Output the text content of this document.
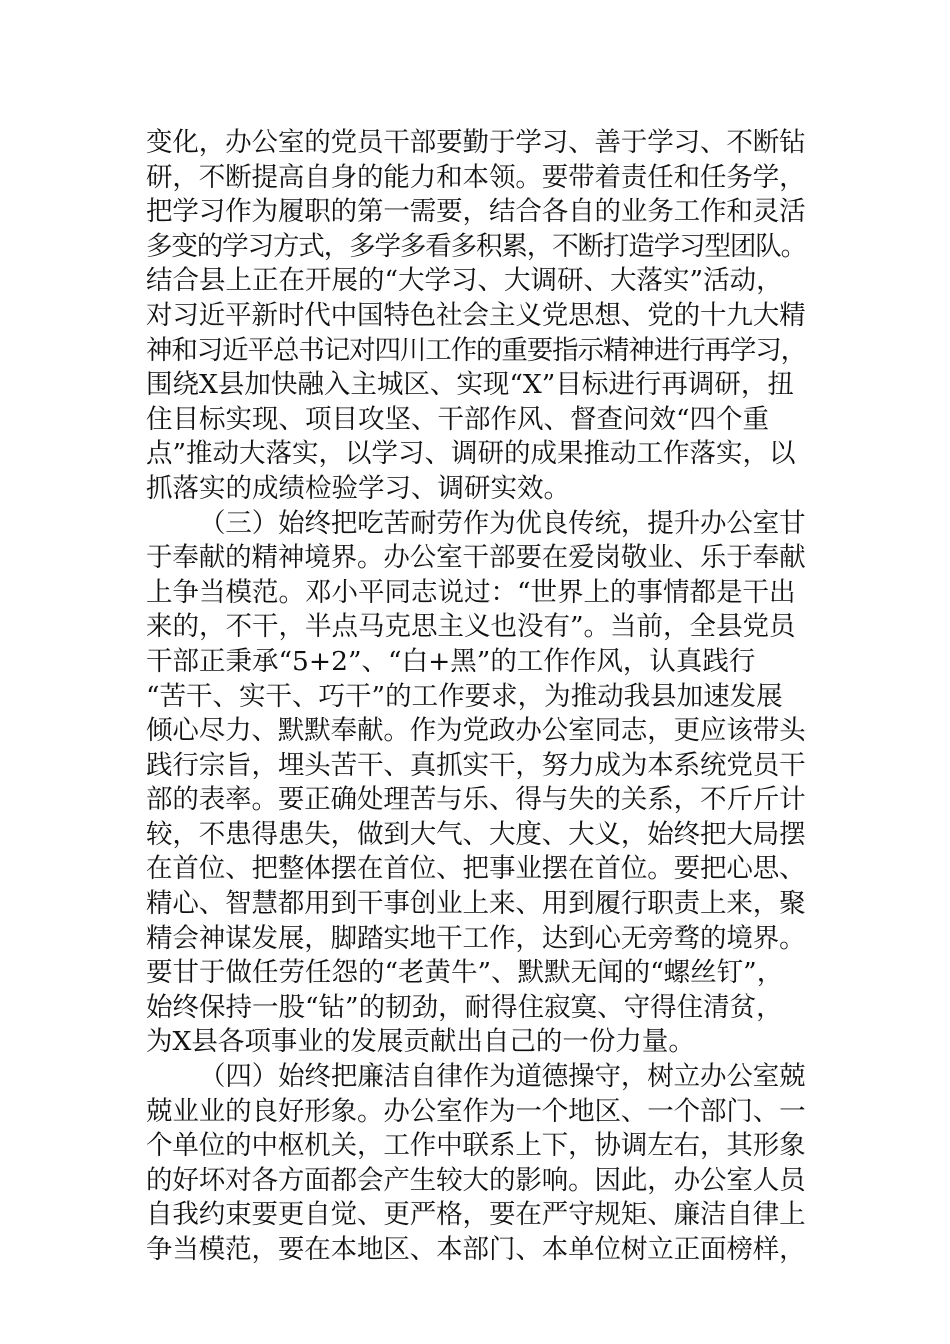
变化，办公室的党员干部要勤于学习、善于学习、不断钻
研，不断提高自身的能力和本领。要带着责任和任务学，
把学习作为履职的第一需要，结合各自的业务工作和灵活
多变的学习方式，多学多看多积累，不断打造学习型团队。
结合县上正在开展的“大学习、大调研、大落实”活动，
对习近平新时代中国特色社会主义党思想、党的十九大精
神和习近平总书记对四川工作的重要指示精神进行再学习，
围绕X县加快融入主城区、实现“X”目标进行再调研，扭
住目标实现、项目攻坚、干部作风、督查问效“四个重
点”推动大落实，以学习、调研的成果推动工作落实，以
抓落实的成绩检验学习、调研实效。
（三）始终把吃苦耐劳作为优良传统，提升办公室甘
于奉献的精神境界。办公室干部要在爱岗敬业、乐于奉献
上争当模范。邓小平同志说过：“世界上的事情都是干出
来的，不干，半点马克思主义也没有”。当前，全县党员
干部正秉承“5+2”、“白+黑”的工作作风，认真践行
“苦干、实干、巧干”的工作要求，为推动我县加速发展
倾心尽力、默默奉献。作为党政办公室同志，更应该带头
践行宗旨，埋头苦干、真抓实干，努力成为本系统党员干
部的表率。要正确处理苦与乐、得与失的关系，不斤斤计
较，不患得患失，做到大气、大度、大义，始终把大局摆
在首位、把整体摆在首位、把事业摆在首位。要把心思、
精心、智慧都用到干事创业上来、用到履行职责上来，聚
精会神谋发展，脚踏实地干工作，达到心无旁骛的境界。
要甘于做任劳任怨的“老黄牛”、默默无闻的“螺丝钉”，
始终保持一股“钻”的韧劲，耐得住寂寞、守得住清贫，
为X县各项事业的发展贡献出自己的一份力量。
（四）始终把廉洁自律作为道德操守，树立办公室兢
兢业业的良好形象。办公室作为一个地区、一个部门、一
个单位的中枢机关，工作中联系上下，协调左右，其形象
的好坏对各方面都会产生较大的影响。因此，办公室人员
自我约束要更自觉、更严格，要在严守规矩、廉洁自律上
争当模范，要在本地区、本部门、本单位树立正面榜样，
